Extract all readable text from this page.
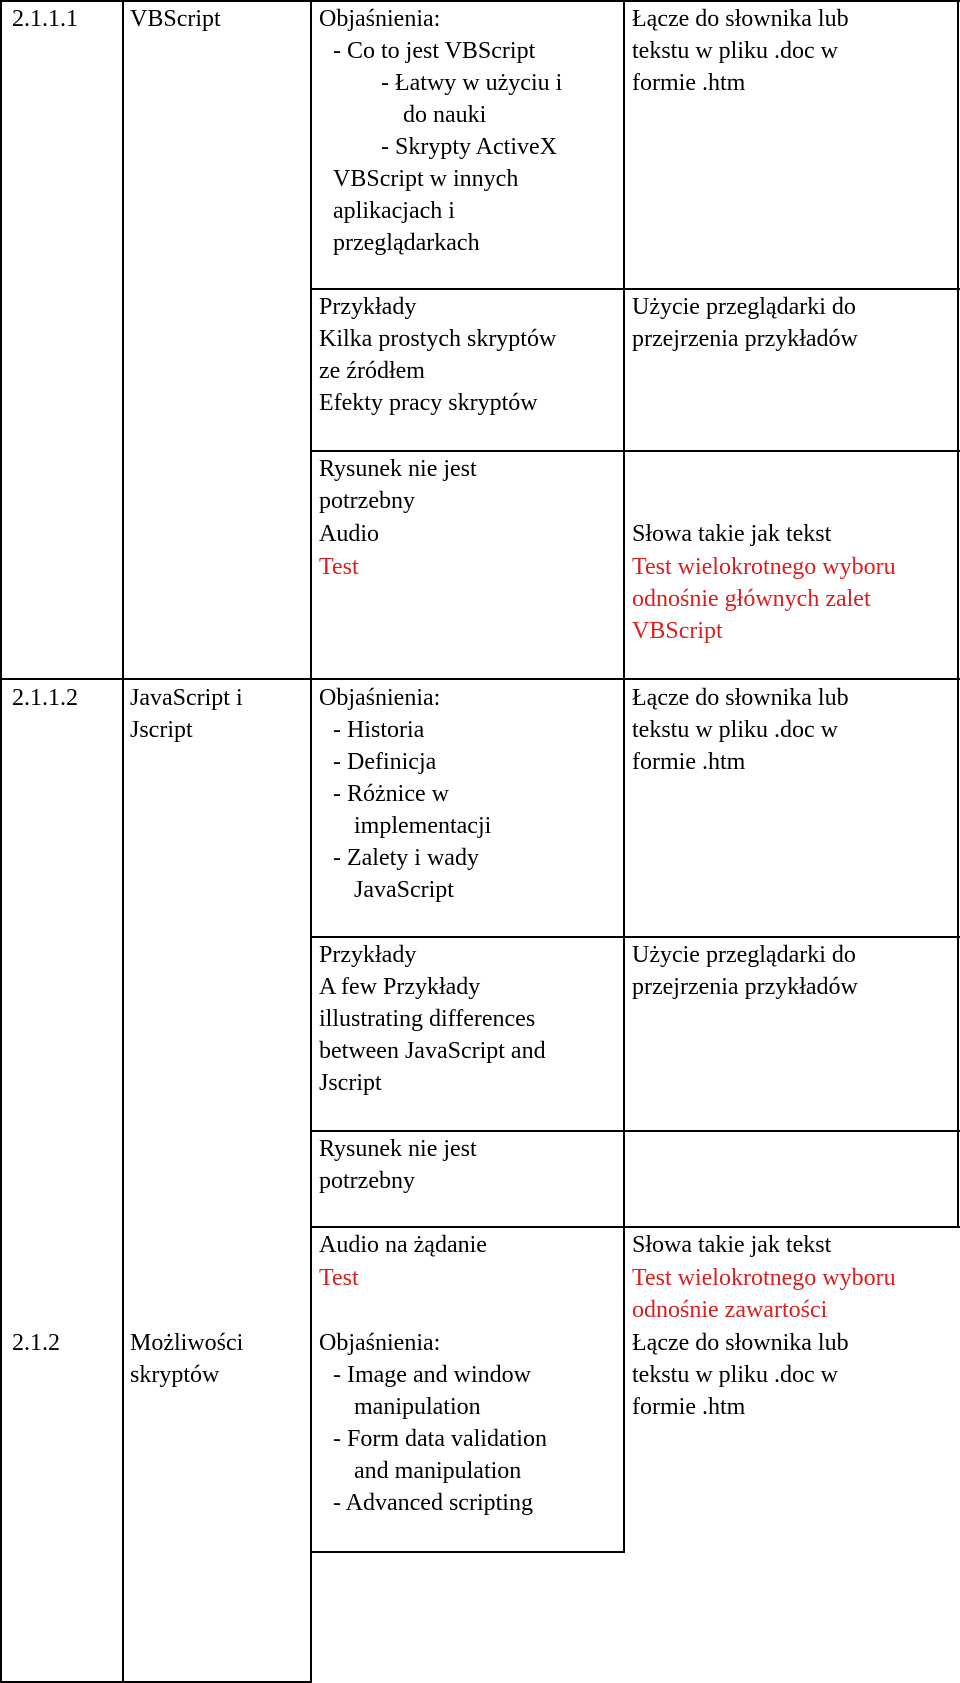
2.1.1.1 VBScript	Objaśnienia:
- Co to jest VBScript
- Łatwy w użyciu i
do nauki
- Skrypty ActiveX
VBScript w innych
aplikacjach i
przeglądarkach
Łącze do słownika lub
tekstu w pliku .doc w
formie .htm
Przykłady
Kilka prostych skryptów
ze źródłem
Efekty pracy skryptów
Użycie przeglądarki do
przejrzenia przykładów
Rysunek nie jest
potrzebny
Audio
Test
Słowa takie jak tekst
Test wielokrotnego wyboru
odnośnie głównych zalet
VBScript
2.1.1.2 JavaScript i
Jscript
Objaśnienia:
- Historia
- Definicja
- Różnice w
implementacji
- Zalety i wady
JavaScript
Łącze do słownika lub
tekstu w pliku .doc w
formie .htm
Przykłady
A few Przykłady
illustrating differences
between JavaScript and
Jscript
Użycie przeglądarki do
przejrzenia przykładów
Rysunek nie jest
potrzebny
Audio na żądanie
Test
Słowa takie jak tekst
Test wielokrotnego wyboru
odnośnie zawartości
2.1.2	Możliwości
skryptów
Objaśnienia:
- Image and window
manipulation
- Form data validation
and manipulation
- Advanced scripting
Łącze do słownika lub
tekstu w pliku .doc w
formie .htm
